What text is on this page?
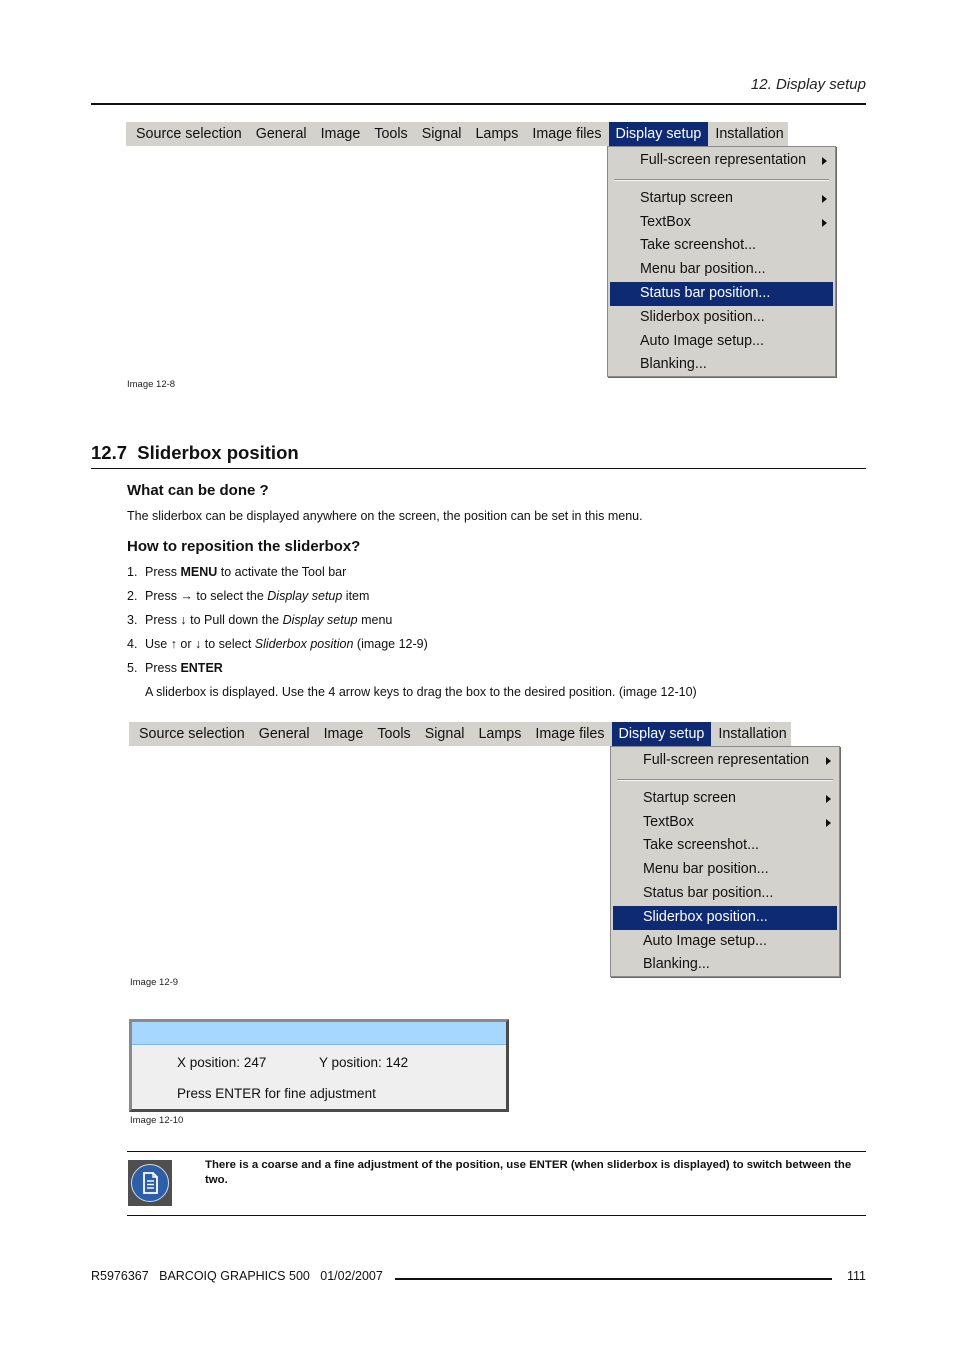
12. Display setup
Source selection General Image Tools Signal Lamps Image files Display setup Installation
Full-screen representation
Startup screen
TextBox
Take screenshot...
Menu bar position...
Status bar position...
Sliderbox position...
Auto Image setup...
Blanking...
Image 12-8
12.7 Sliderbox position
What can be done ?
The sliderbox can be displayed anywhere on the screen, the position can be set in this menu.
How to reposition the sliderbox?
1. Press MENU to activate the Tool bar
2. Press → to select the Display setup item
3. Press ↓ to Pull down the Display setup menu
4. Use ↑ or ↓ to select Sliderbox position (image 12-9)
5. Press ENTER
A sliderbox is displayed. Use the 4 arrow keys to drag the box to the desired position. (image 12-10)
Source selection General Image Tools Signal Lamps Image files Display setup Installation
Full-screen representation
Startup screen
TextBox
Take screenshot...
Menu bar position...
Status bar position...
Sliderbox position...
Auto Image setup...
Blanking...
Image 12-9
X position: 247	Y position: 142
Press ENTER for fine adjustment
Image 12-10
There is a coarse and a fine adjustment of the position, use ENTER (when sliderbox is displayed) to switch between the two.
R5976367   BARCOIQ GRAPHICS 500   01/02/2007	111
